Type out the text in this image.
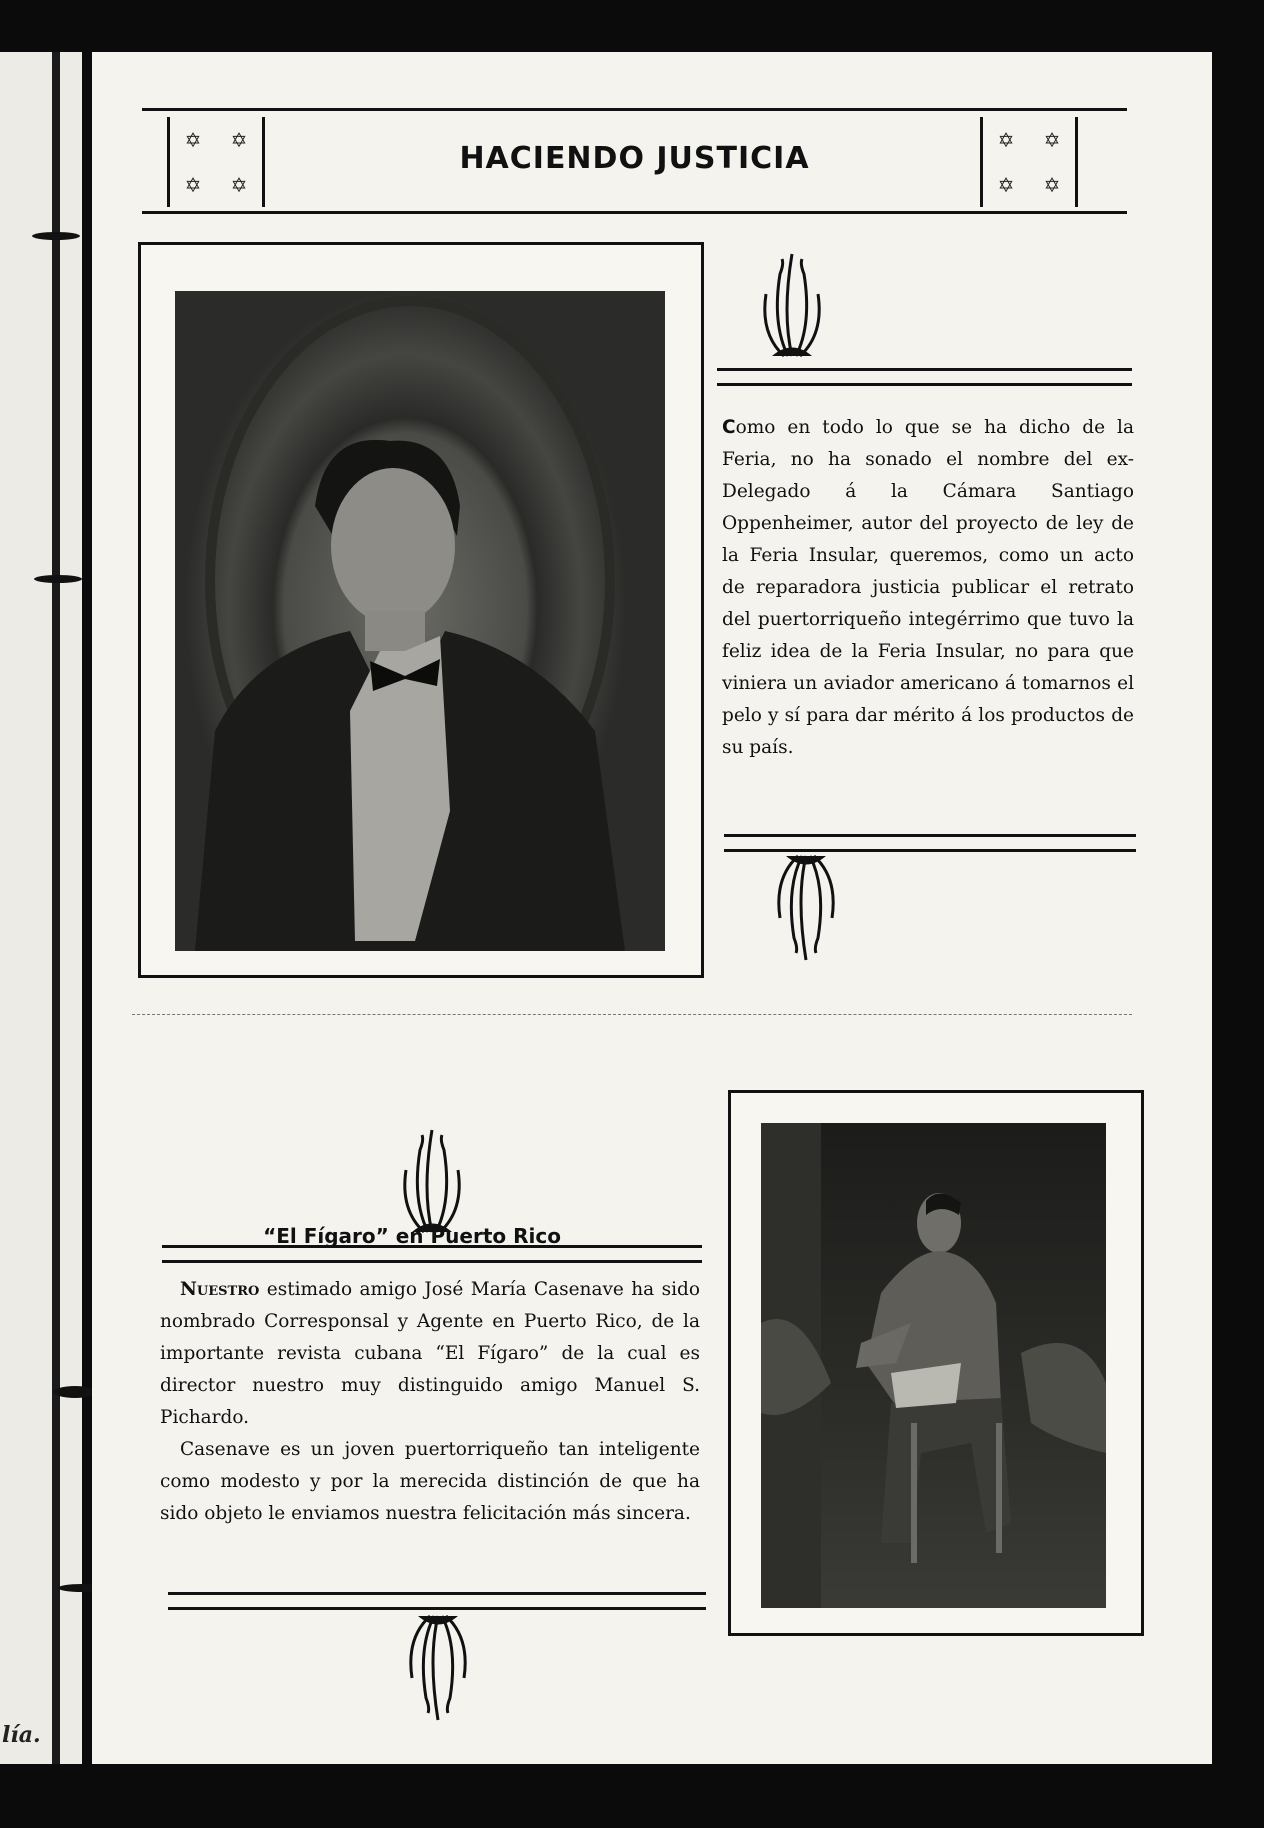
lía.
✡ ✡
✡ ✡
HACIENDO JUSTICIA
✡ ✡
✡ ✡

Como en todo lo que se ha dicho de la Feria, no ha sonado el nombre del ex-Delegado á la Cámara Santiago Oppenheimer, autor del proyecto de ley de la Feria Insular, queremos, como un acto de reparadora justicia publicar el retrato del puertorriqueño integérrimo que tuvo la feliz idea de la Feria Insular, no para que viniera un aviador americano á tomarnos el pelo y sí para dar mérito á los productos de su país.

“El Fígaro” en Puerto Rico

Nuestro estimado amigo José María Casenave ha sido nombrado Corresponsal y Agente en Puerto Rico, de la importante revista cubana “El Fígaro” de la cual es director nuestro muy distinguido amigo Manuel S. Pichardo.

Casenave es un joven puertorriqueño tan inteligente como modesto y por la merecida distinción de que ha sido objeto le enviamos nuestra felicitación más sincera.
